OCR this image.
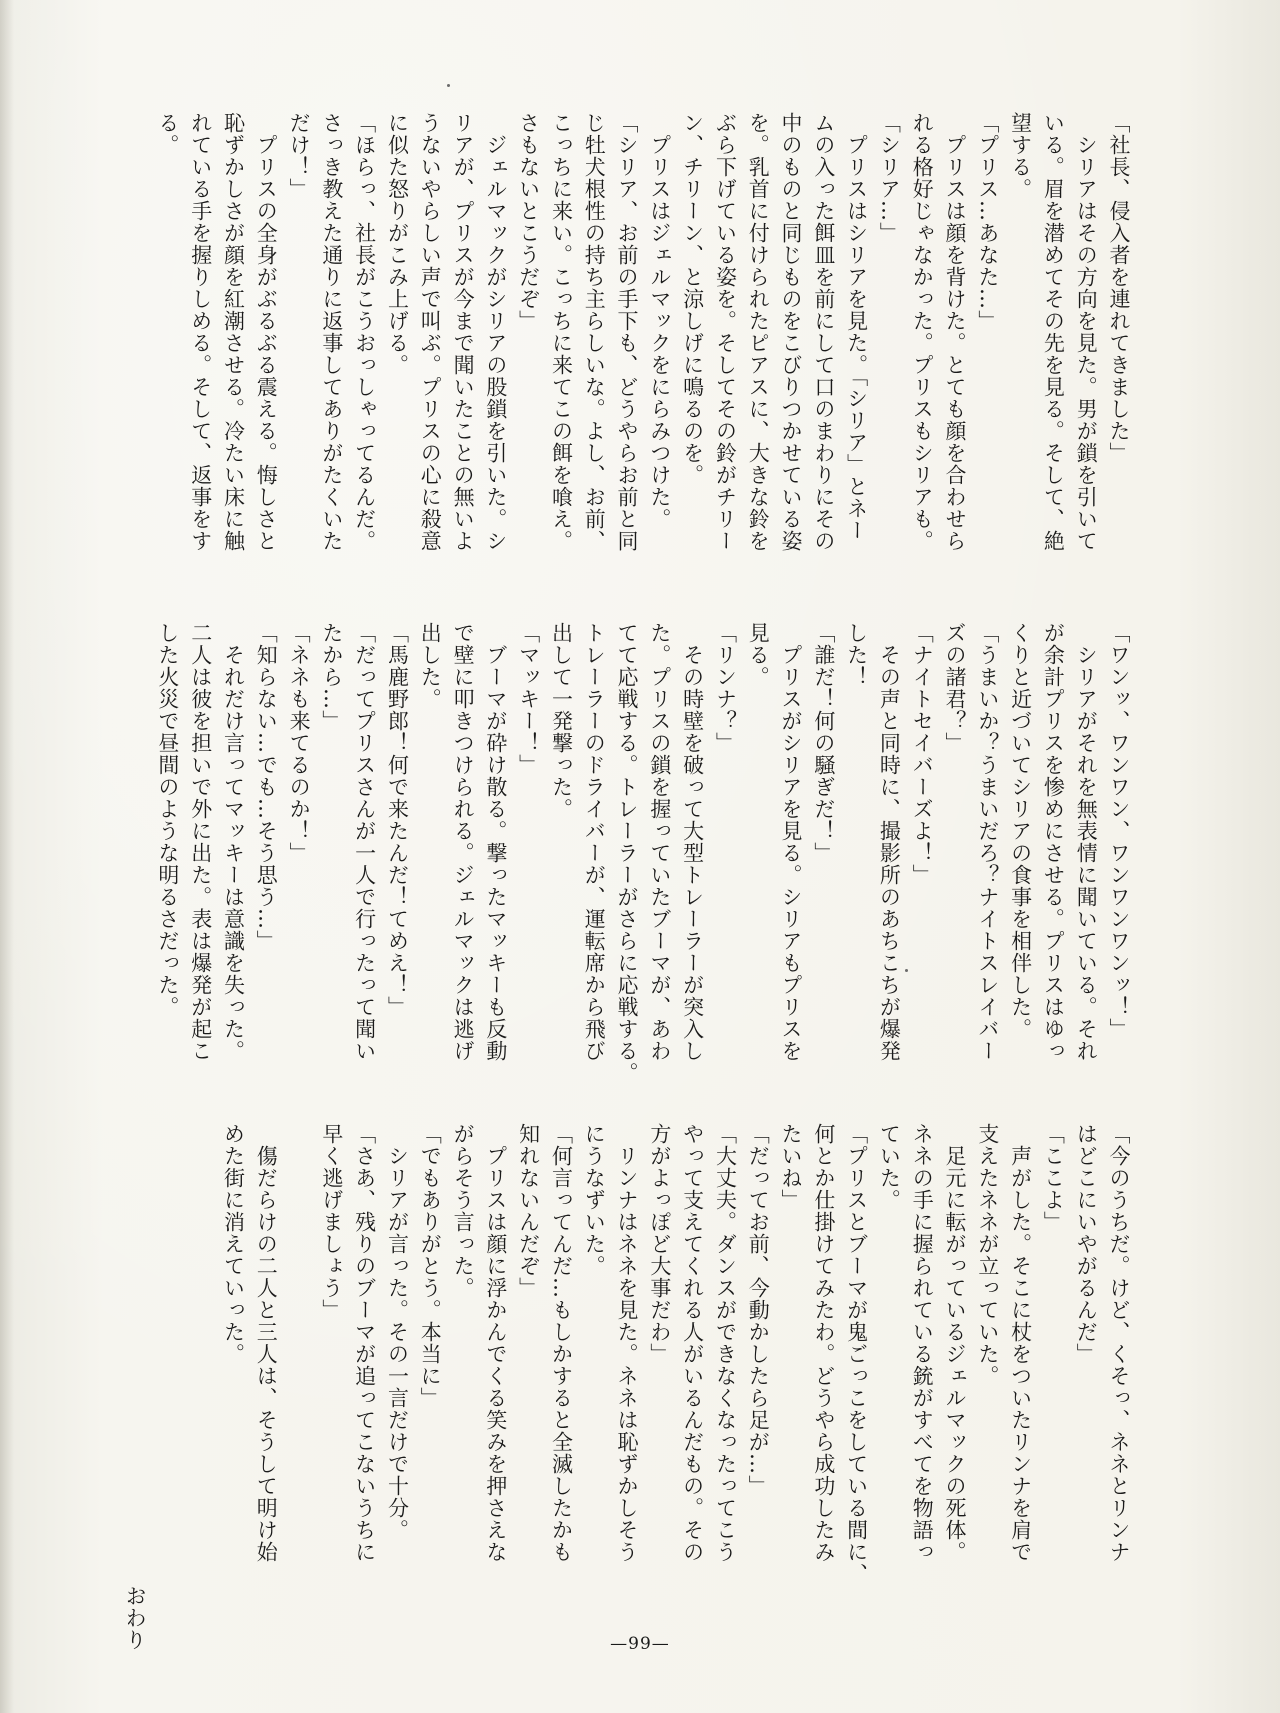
「社長、侵入者を連れてきました」
　シリアはその方向を見た。男が鎖を引いて
いる。眉を潜めてその先を見る。そして、絶
望する。
「プリス…あなた…」
　プリスは顔を背けた。とても顔を合わせら
れる格好じゃなかった。プリスもシリアも。
「シリア…」
　プリスはシリアを見た。「シリア」とネー
ムの入った餌皿を前にして口のまわりにその
中のものと同じものをこびりつかせている姿
を。乳首に付けられたピアスに、大きな鈴を
ぶら下げている姿を。そしてその鈴がチリー
ン、チリーン、と涼しげに鳴るのを。
　プリスはジェルマックをにらみつけた。
「シリア、お前の手下も、どうやらお前と同
じ牡犬根性の持ち主らしいな。よし、お前、
こっちに来い。こっちに来てこの餌を喰え。
さもないとこうだぞ」
　ジェルマックがシリアの股鎖を引いた。シ
リアが、プリスが今まで聞いたことの無いよ
うないやらしい声で叫ぶ。プリスの心に殺意
に似た怒りがこみ上げる。
「ほらっ、社長がこうおっしゃってるんだ。
さっき教えた通りに返事してありがたくいた
だけ！」
　プリスの全身がぶるぶる震える。悔しさと
恥ずかしさが顔を紅潮させる。冷たい床に触
れている手を握りしめる。そして、返事をす
る。
「ワンッ、ワンワン、ワンワンワンッ！」
　シリアがそれを無表情に聞いている。それ
が余計プリスを惨めにさせる。プリスはゆっ
くりと近づいてシリアの食事を相伴した。
「うまいか？うまいだろ？ナイトスレイバー
ズの諸君？」
「ナイトセイバーズよ！」
　その声と同時に、撮影所のあちこちが爆発
した！
「誰だ！何の騒ぎだ！」
　プリスがシリアを見る。シリアもプリスを
見る。
「リンナ？」
　その時壁を破って大型トレーラーが突入し
た。プリスの鎖を握っていたブーマが、あわ
てて応戦する。トレーラーがさらに応戦する。
トレーラーのドライバーが、運転席から飛び
出して一発撃った。
「マッキー！」
　ブーマが砕け散る。撃ったマッキーも反動
で壁に叩きつけられる。ジェルマックは逃げ
出した。
「馬鹿野郎！何で来たんだ！てめえ！」
「だってプリスさんが一人で行ったって聞い
たから…」
「ネネも来てるのか！」
「知らない…でも…そう思う…」
　それだけ言ってマッキーは意識を失った。
二人は彼を担いで外に出た。表は爆発が起こ
した火災で昼間のような明るさだった。
「今のうちだ。けど、くそっ、ネネとリンナ
はどこにいやがるんだ」
「ここよ」
　声がした。そこに杖をついたリンナを肩で
支えたネネが立っていた。
　足元に転がっているジェルマックの死体。
ネネの手に握られている銃がすべてを物語っ
ていた。
「プリスとブーマが鬼ごっこをしている間に、
何とか仕掛けてみたわ。どうやら成功したみ
たいね」
「だってお前、今動かしたら足が…」
「大丈夫。ダンスができなくなったってこう
やって支えてくれる人がいるんだもの。その
方がよっぽど大事だわ」
　リンナはネネを見た。ネネは恥ずかしそう
にうなずいた。
「何言ってんだ…もしかすると全滅したかも
知れないんだぞ」
　プリスは顔に浮かんでくる笑みを押さえな
がらそう言った。
「でもありがとう。本当に」
　シリアが言った。その一言だけで十分。
「さあ、残りのブーマが追ってこないうちに
早く逃げましょう」
　傷だらけの二人と三人は、そうして明け始
めた街に消えていった。
　　　　　　　　　　　　　　　　　　　　　おわり	—99—
